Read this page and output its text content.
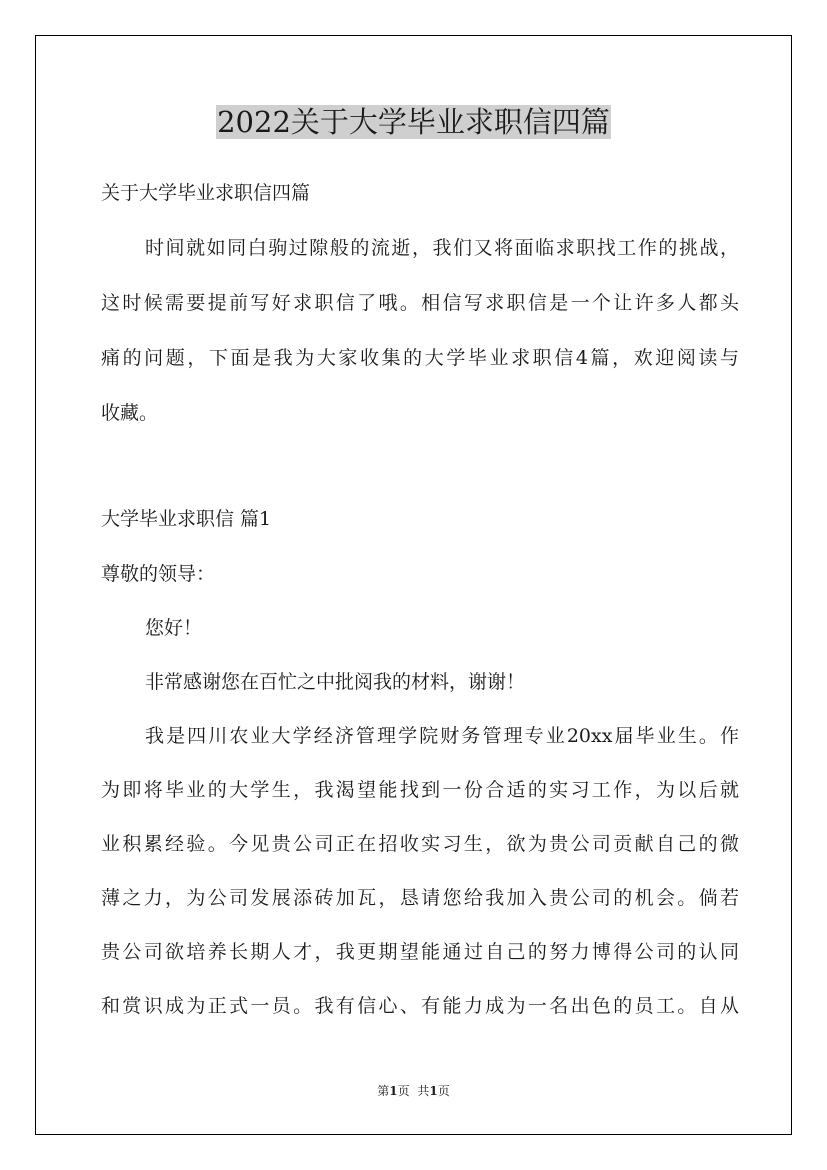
2022关于大学毕业求职信四篇
关于大学毕业求职信四篇
时间就如同白驹过隙般的流逝，我们又将面临求职找工作的挑战，
这时候需要提前写好求职信了哦。相信写求职信是一个让许多人都头
痛的问题，下面是我为大家收集的大学毕业求职信4篇，欢迎阅读与
收藏。
大学毕业求职信 篇1
尊敬的领导：
您好！
非常感谢您在百忙之中批阅我的材料，谢谢！
我是四川农业大学经济管理学院财务管理专业20xx届毕业生。作
为即将毕业的大学生，我渴望能找到一份合适的实习工作，为以后就
业积累经验。今见贵公司正在招收实习生，欲为贵公司贡献自己的微
薄之力，为公司发展添砖加瓦，恳请您给我加入贵公司的机会。倘若
贵公司欲培养长期人才，我更期望能通过自己的努力博得公司的认同
和赏识成为正式一员。我有信心、有能力成为一名出色的员工。自从
第1页 共1页
